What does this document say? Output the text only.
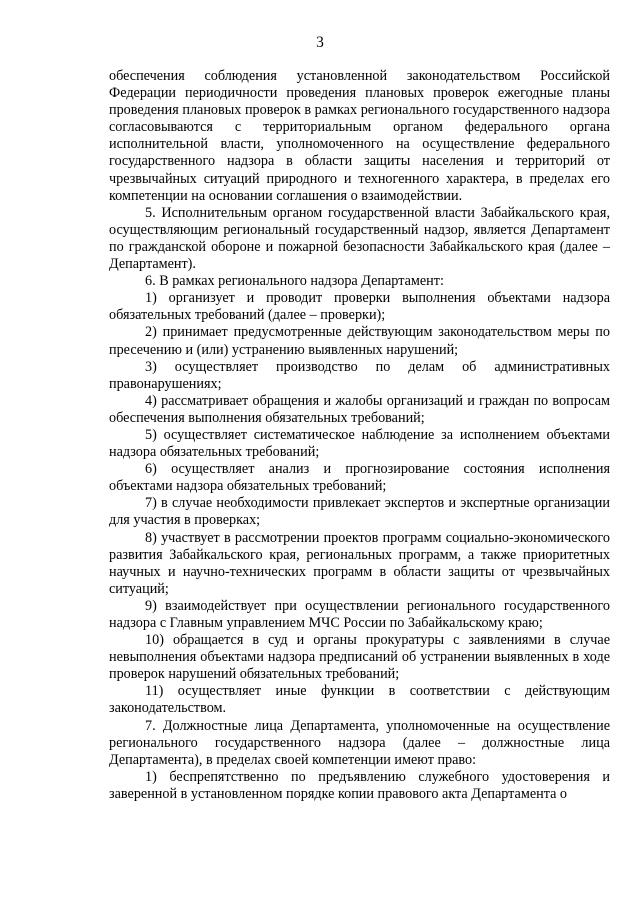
3

обеспечения соблюдения установленной законодательством Российской Федерации периодичности проведения плановых проверок ежегодные планы проведения плановых проверок в рамках регионального государственного надзора согласовываются с территориальным органом федерального органа исполнительной власти, уполномоченного на осуществление федерального государственного надзора в области защиты населения и территорий от чрезвычайных ситуаций природного и техногенного характера, в пределах его компетенции на основании соглашения о взаимодействии.

5. Исполнительным органом государственной власти Забайкальского края, осуществляющим региональный государственный надзор, является Департамент по гражданской обороне и пожарной безопасности Забайкальского края (далее – Департамент).

6. В рамках регионального надзора Департамент:

1) организует и проводит проверки выполнения объектами надзора обязательных требований (далее – проверки);

2) принимает предусмотренные действующим законодательством меры по пресечению и (или) устранению выявленных нарушений;

3) осуществляет производство по делам об административных правонарушениях;

4) рассматривает обращения и жалобы организаций и граждан по вопросам обеспечения выполнения обязательных требований;

5) осуществляет систематическое наблюдение за исполнением объектами надзора обязательных требований;

6) осуществляет анализ и прогнозирование состояния исполнения объектами надзора обязательных требований;

7) в случае необходимости привлекает экспертов и экспертные организации для участия в проверках;

8) участвует в рассмотрении проектов программ социально-экономического развития Забайкальского края, региональных программ, а также приоритетных научных и научно-технических программ в области защиты от чрезвычайных ситуаций;

9) взаимодействует при осуществлении регионального государственного надзора с Главным управлением МЧС России по Забайкальскому краю;

10) обращается в суд и органы прокуратуры с заявлениями в случае невыполнения объектами надзора предписаний об устранении выявленных в ходе проверок нарушений обязательных требований;

11) осуществляет иные функции в соответствии с действующим законодательством.

7. Должностные лица Департамента, уполномоченные на осуществление регионального государственного надзора (далее – должностные лица Департамента), в пределах своей компетенции имеют право:

1) беспрепятственно по предъявлению служебного удостоверения и заверенной в установленном порядке копии правового акта Департамента о
